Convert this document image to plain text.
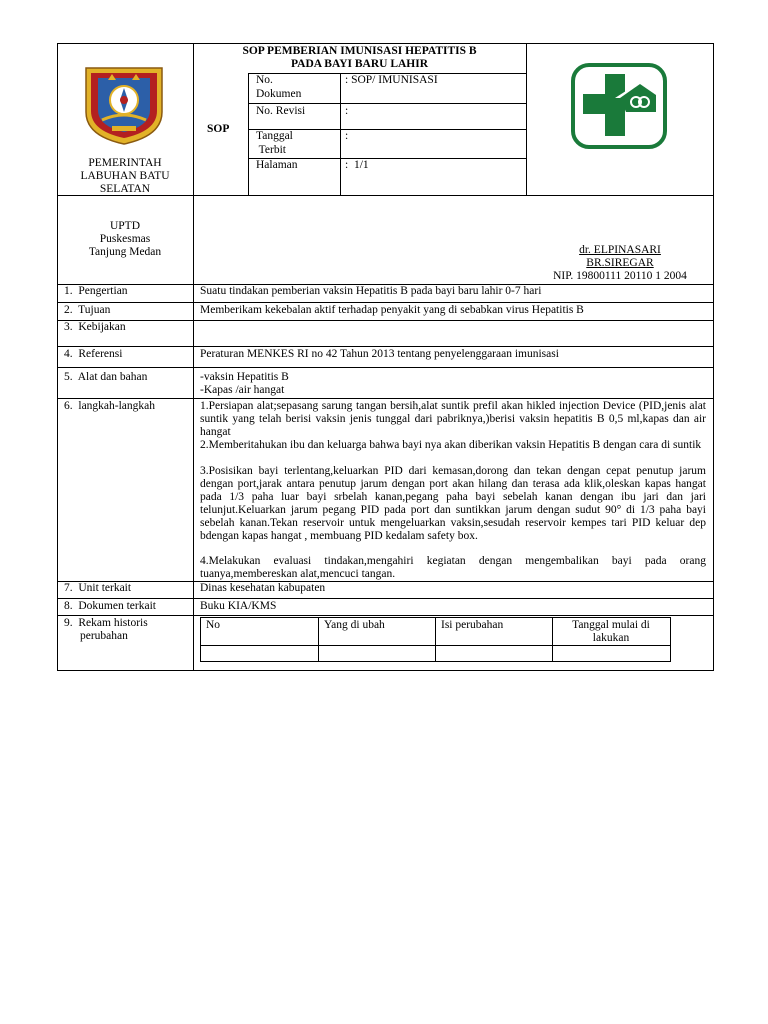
PEMERINTAH
LABUHAN BATU
SELATAN
SOP PEMBERIAN IMUNISASI HEPATITIS B
PADA BAYI BARU LAHIR
SOP
No.
Dokumen
: SOP/ IMUNISASI
No. Revisi	:
Tanggal
Terbit
:
Halaman	:  1/1
UPTD
Puskesmas
Tanjung Medan	dr. ELPINASARI
BR.SIREGAR
NIP. 19800111 20110 1 2004
1.  Pengertian	Suatu tindakan pemberian vaksin Hepatitis B pada bayi baru lahir 0-7 hari
2.  Tujuan	Memberikam kekebalan aktif terhadap penyakit yang di sebabkan virus Hepatitis B
3.  Kebijakan
4.  Referensi	Peraturan MENKES RI no 42 Tahun 2013 tentang penyelenggaraan imunisasi
5.  Alat dan bahan	-vaksin Hepatitis B
-Kapas /air hangat
6.  langkah-langkah	1.Persiapan alat;sepasang sarung tangan bersih,alat suntik prefil akan hikled injection Device (PID,jenis alat suntik yang telah berisi vaksin jenis tunggal dari pabriknya,)berisi vaksin hepatitis B 0,5 ml,kapas dan air hangat
2.Memberitahukan ibu dan keluarga bahwa bayi nya akan diberikan vaksin Hepatitis B dengan cara di suntik
3.Posisikan bayi terlentang,keluarkan PID dari kemasan,dorong dan tekan dengan cepat penutup jarum dengan port,jarak antara penutup jarum dengan port akan hilang dan terasa ada klik,oleskan kapas hangat pada 1/3 paha luar bayi srbelah kanan,pegang paha bayi sebelah kanan dengan ibu jari dan jari telunjut.Keluarkan jarum pegang PID pada port dan suntikkan jarum dengan sudut 90° di 1/3 paha bayi sebelah kanan.Tekan reservoir untuk mengeluarkan vaksin,sesudah reservoir kempes tari PID keluar dep bdengan kapas hangat , membuang PID kedalam safety box.
4.Melakukan evaluasi tindakan,mengahiri kegiatan dengan mengembalikan bayi pada orang tuanya,membereskan alat,mencuci tangan.
7.  Unit terkait	Dinas kesehatan kabupaten
8.  Dokumen terkait	Buku KIA/KMS
9.  Rekam historis
perubahan
No	Yang di ubah	Isi perubahan	Tanggal mulai di
lakukan
